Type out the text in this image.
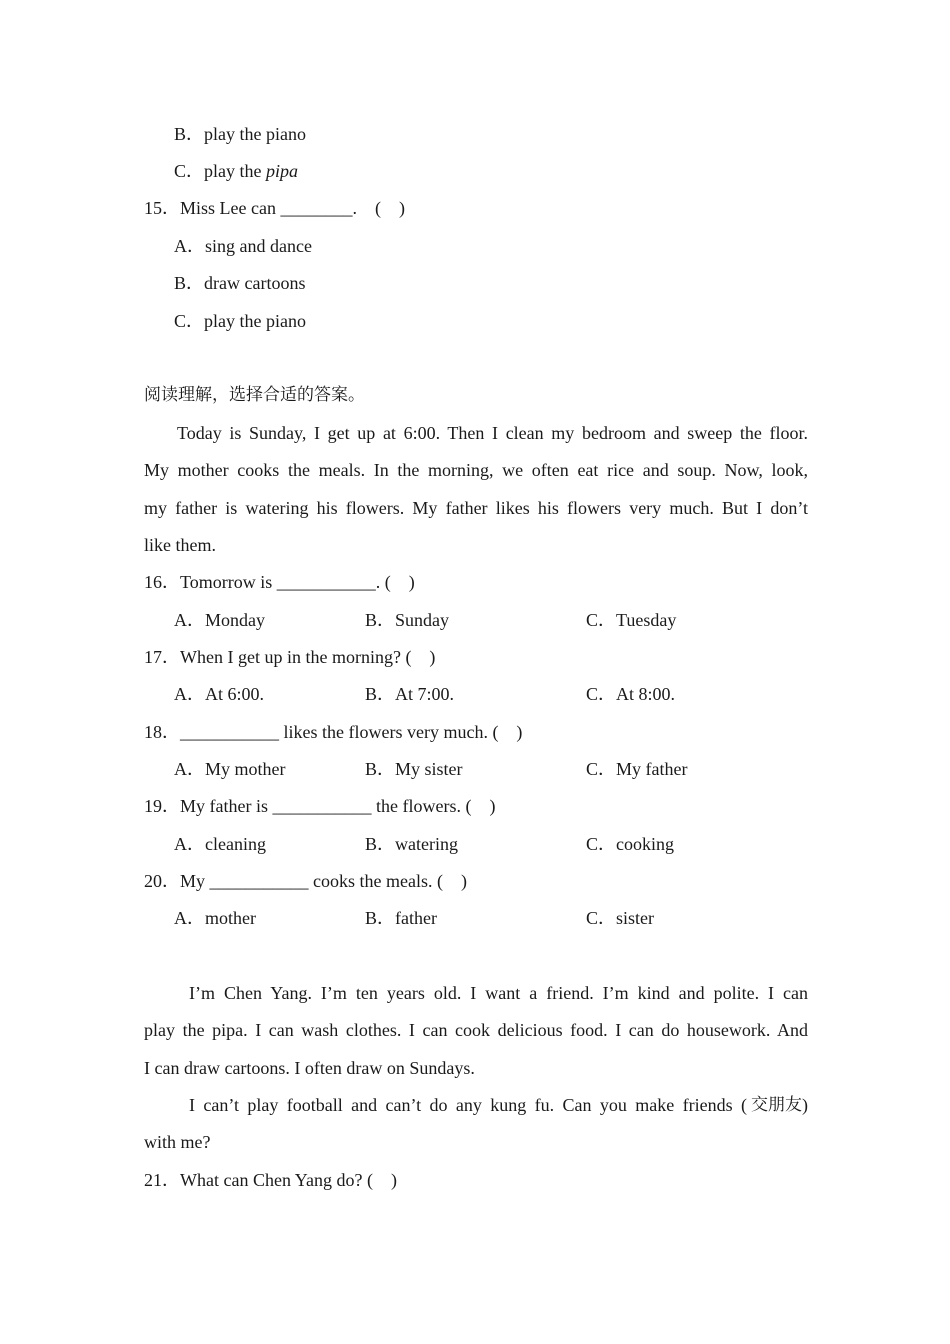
B．play the piano
C．play the pipa
15．Miss Lee can ________.　(　)
A．sing and dance
B．draw cartoons
C．play the piano
阅读理解，选择合适的答案。
Today is Sunday, I get up at 6:00. Then I clean my bedroom and sweep the floor.
My mother cooks the meals. In the morning, we often eat rice and soup. Now, look,
my father is watering his flowers. My father likes his flowers very much. But I don’t
like them.
16．Tomorrow is ___________. (　)
A．Monday	B．Sunday	C．Tuesday
17．When I get up in the morning? (　)
A．At 6:00.	B．At 7:00.	C．At 8:00.
18．___________ likes the flowers very much. (　)
A．My mother	B．My sister	C．My father
19．My father is ___________ the flowers. (　)
A．cleaning	B．watering	C．cooking
20．My ___________ cooks the meals. (　)
A．mother	B．father	C．sister
I’m Chen Yang. I’m ten years old. I want a friend. I’m kind and polite. I can
play the pipa. I can wash clothes. I can cook delicious food. I can do housework. And
I can draw cartoons. I often draw on Sundays.
I can’t play football and can’t do any kung fu. Can you make friends ( 交朋友 )
with me?
21．What can Chen Yang do? (　)
